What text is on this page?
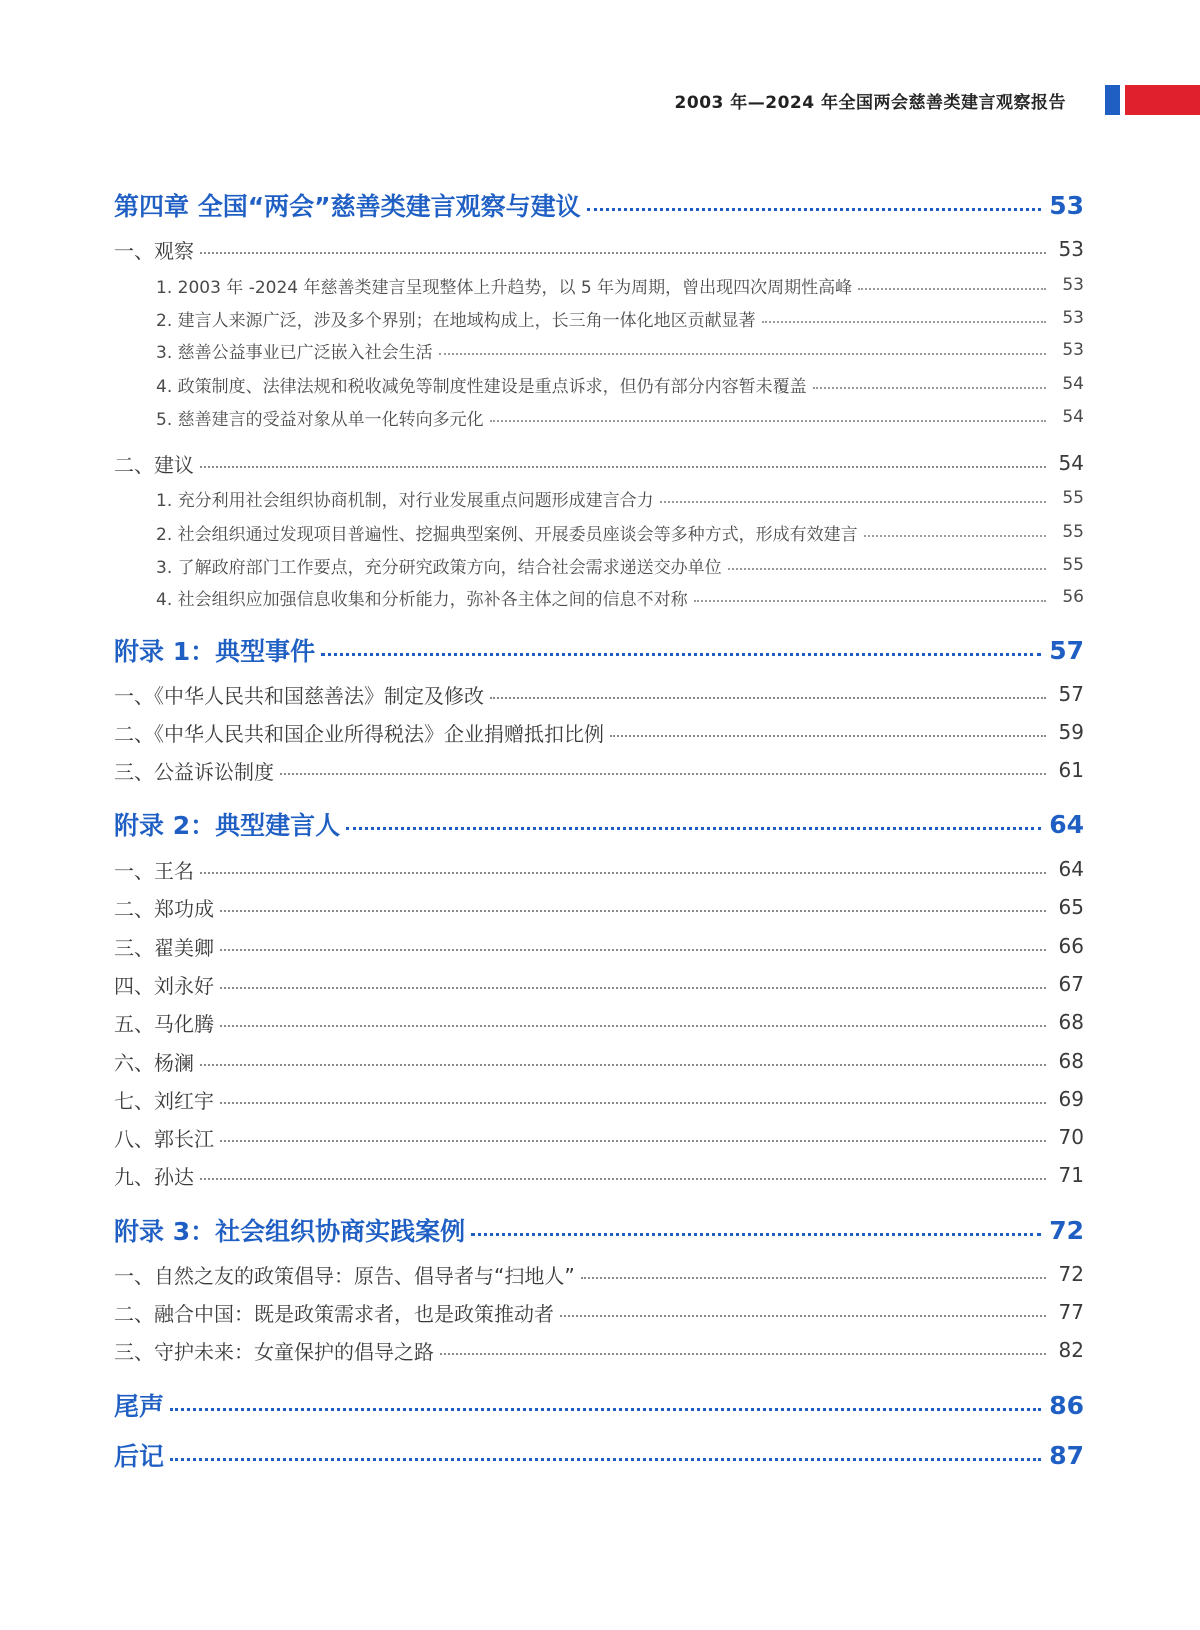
2003 年—2024 年全国两会慈善类建言观察报告
第四章 全国“两会”慈善类建言观察与建议	53
一、观察	53
1. 2003 年 -2024 年慈善类建言呈现整体上升趋势，以 5 年为周期，曾出现四次周期性高峰	53
2. 建言人来源广泛，涉及多个界别；在地域构成上，长三角一体化地区贡献显著	53
3. 慈善公益事业已广泛嵌入社会生活	53
4. 政策制度、法律法规和税收减免等制度性建设是重点诉求，但仍有部分内容暂未覆盖	54
5. 慈善建言的受益对象从单一化转向多元化	54
二、建议	54
1. 充分利用社会组织协商机制，对行业发展重点问题形成建言合力	55
2. 社会组织通过发现项目普遍性、挖掘典型案例、开展委员座谈会等多种方式，形成有效建言	55
3. 了解政府部门工作要点，充分研究政策方向，结合社会需求递送交办单位	55
4. 社会组织应加强信息收集和分析能力，弥补各主体之间的信息不对称	56
附录 1：典型事件	57
一、《中华人民共和国慈善法》制定及修改	57
二、《中华人民共和国企业所得税法》企业捐赠抵扣比例	59
三、公益诉讼制度	61
附录 2：典型建言人	64
一、王名	64
二、郑功成	65
三、翟美卿	66
四、刘永好	67
五、马化腾	68
六、杨澜	68
七、刘红宇	69
八、郭长江	70
九、孙达	71
附录 3：社会组织协商实践案例	72
一、自然之友的政策倡导：原告、倡导者与“扫地人”	72
二、融合中国：既是政策需求者，也是政策推动者	77
三、守护未来：女童保护的倡导之路	82
尾声	86
后记	87
